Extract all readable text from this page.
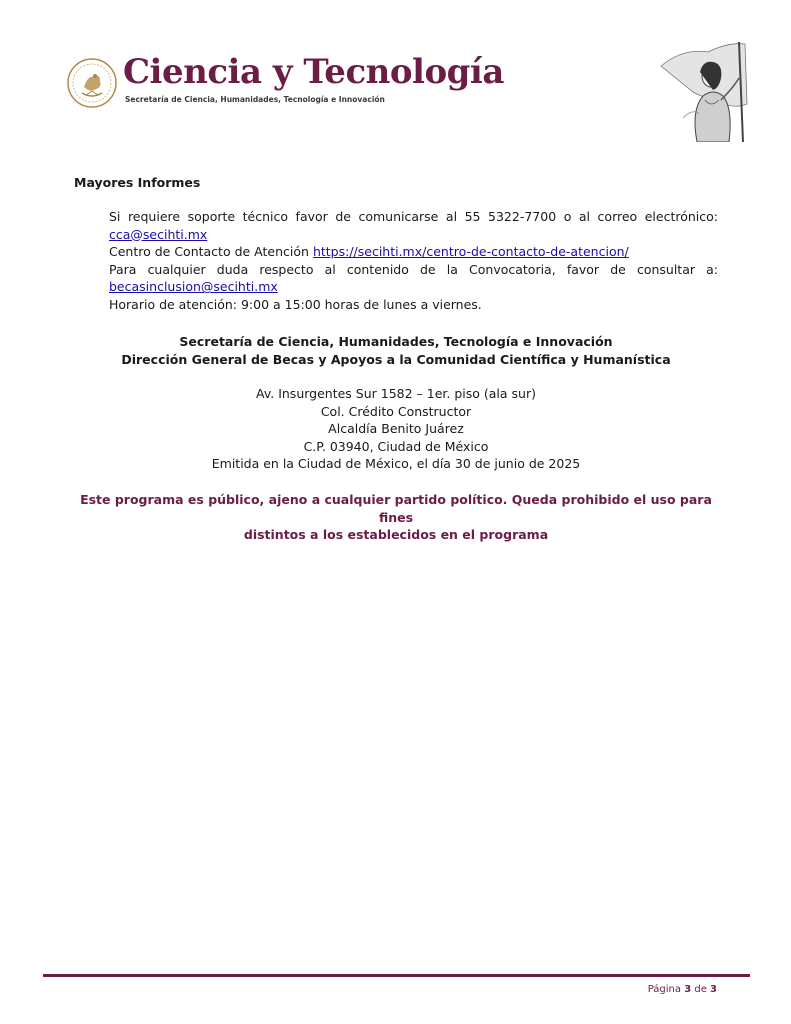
Ciencia y Tecnología
Secretaría de Ciencia, Humanidades, Tecnología e Innovación
Mayores Informes

Si requiere soporte técnico favor de comunicarse al 55 5322-7700 o al correo electrónico:

cca@secihti.mx

Centro de Contacto de Atención https://secihti.mx/centro-de-contacto-de-atencion/

Para cualquier duda respecto al contenido de la Convocatoria, favor de consultar a:

becasinclusion@secihti.mx

Horario de atención: 9:00 a 15:00 horas de lunes a viernes.

Secretaría de Ciencia, Humanidades, Tecnología e Innovación
Dirección General de Becas y Apoyos a la Comunidad Científica y Humanística
Av. Insurgentes Sur 1582 – 1er. piso (ala sur)
Col. Crédito Constructor
Alcaldía Benito Juárez
C.P. 03940, Ciudad de México
Emitida en la Ciudad de México, el día 30 de junio de 2025
Este programa es público, ajeno a cualquier partido político. Queda prohibido el uso para fines
distintos a los establecidos en el programa
Página 3 de 3
